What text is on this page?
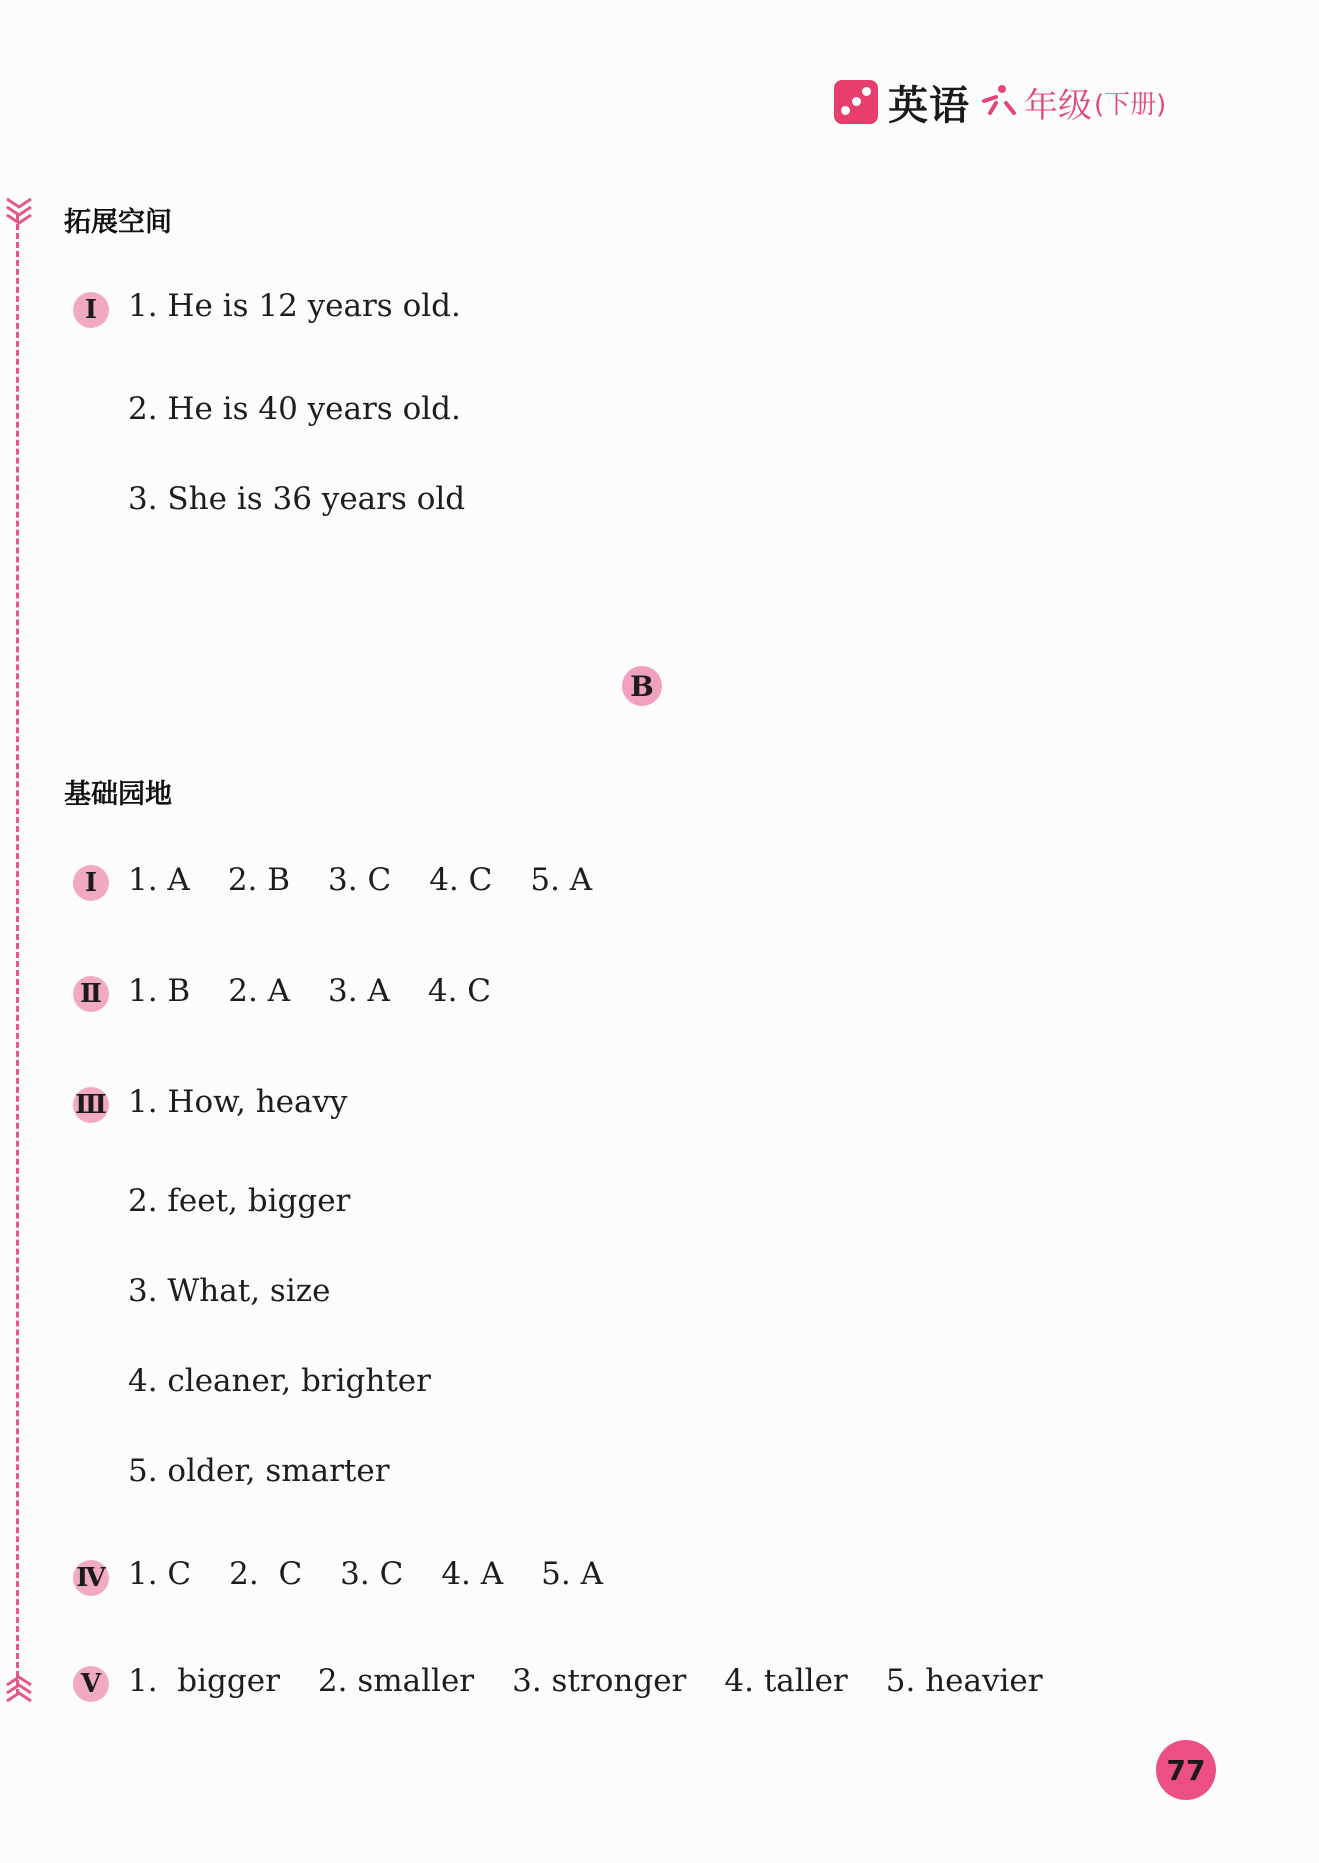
英语 年级 (下册)
拓展空间
Ⅰ 1. He is 12 years old.
2. He is 40 years old.
3. She is 36 years old
B
基础园地
Ⅰ 1. A 2. B 3. C 4. C 5. A
Ⅱ 1. B 2. A 3. A 4. C
Ⅲ 1. How, heavy
2. feet, bigger
3. What, size
4. cleaner, brighter
5. older, smarter
Ⅳ 1. C 2.  C 3. C 4. A 5. A
Ⅴ 1.  bigger 2. smaller 3. stronger 4. taller 5. heavier
77
